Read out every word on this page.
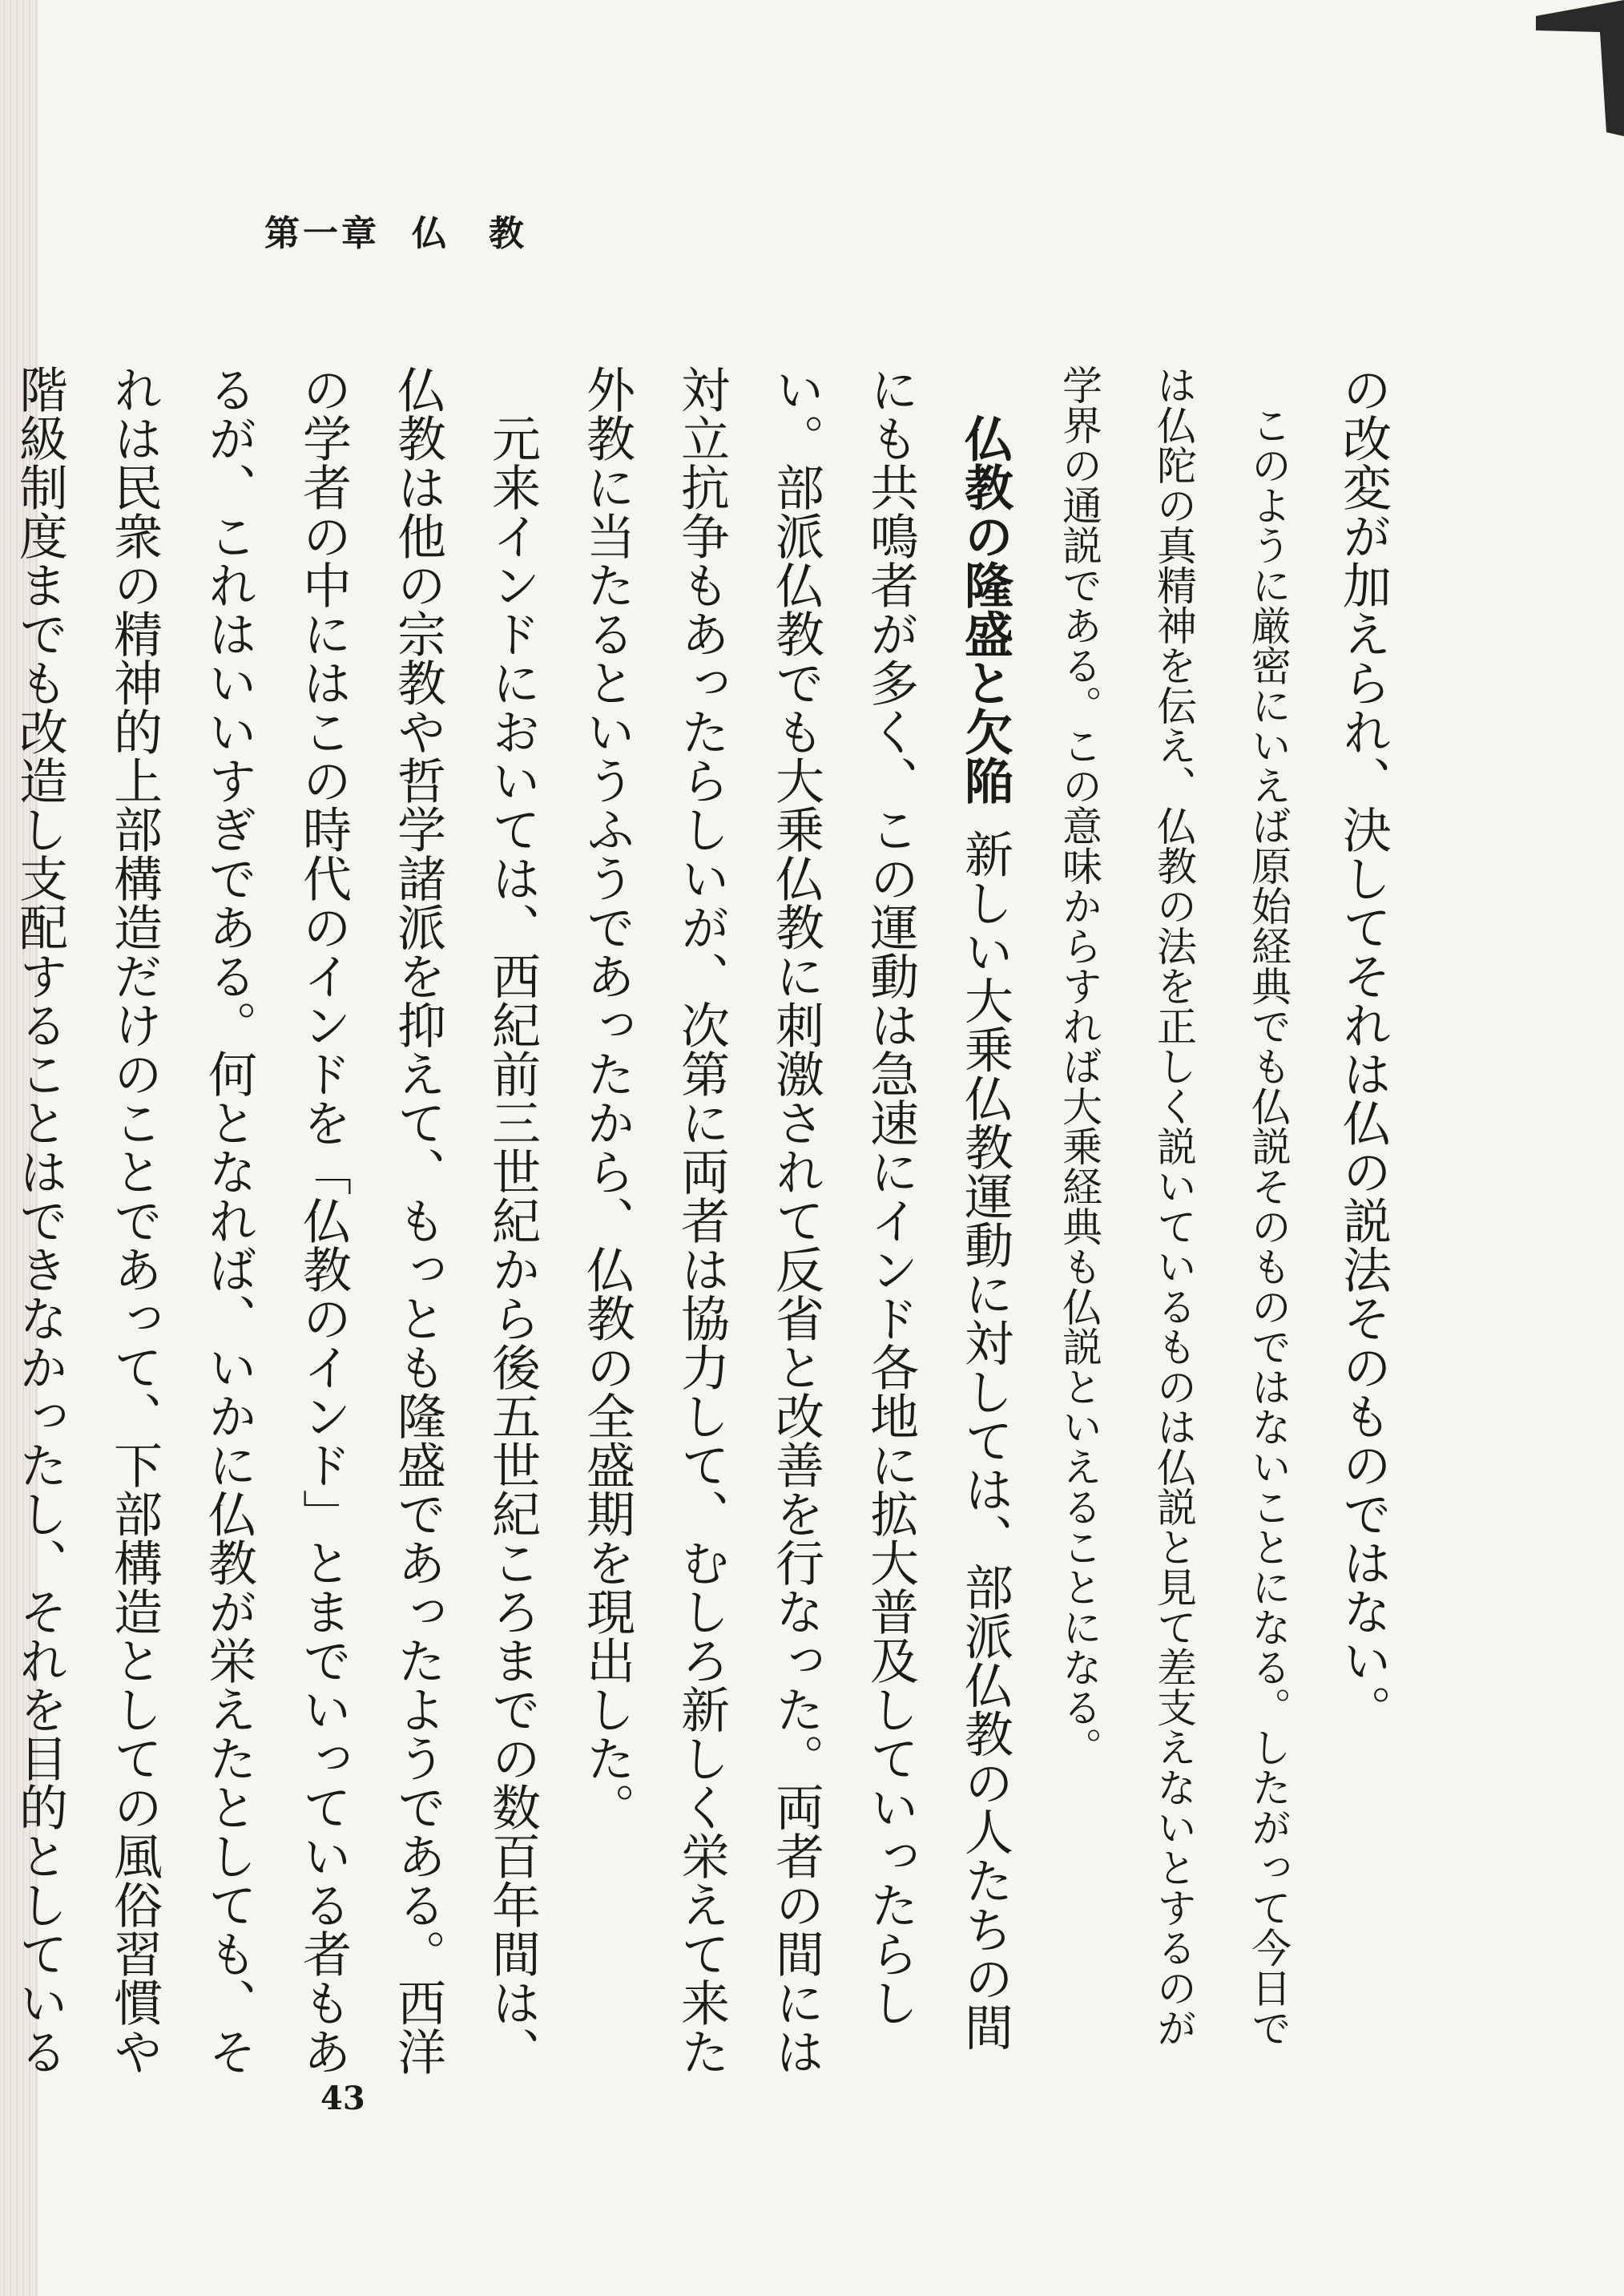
第一章 仏　教

の改変が加えられ、決してそれは仏の説法そのものではない。

このように厳密にいえば原始経典でも仏説そのものではないことになる。したがって今日では仏陀の真精神を伝え、仏教の法を正しく説いているものは仏説と見て差支えないとするのが学界の通説である。この意味からすれば大乗経典も仏説といえることになる。

仏教の隆盛と欠陥新しい大乗仏教運動に対しては、部派仏教の人たちの間にも共鳴者が多く、この運動は急速にインド各地に拡大普及していったらしい。部派仏教でも大乗仏教に刺激されて反省と改善を行なった。両者の間には対立抗争もあったらしいが、次第に両者は協力して、むしろ新しく栄えて来た外教に当たるというふうであったから、仏教の全盛期を現出した。

元来インドにおいては、西紀前三世紀から後五世紀ころまでの数百年間は、仏教は他の宗教や哲学諸派を抑えて、もっとも隆盛であったようである。西洋の学者の中にはこの時代のインドを「仏教のインド」とまでいっている者もあるが、これはいいすぎである。何となれば、いかに仏教が栄えたとしても、それは民衆の精神的上部構造だけのことであって、下部構造としての風俗習慣や階級制度までも改造し支配することはできなかったし、それを目的としている

43
